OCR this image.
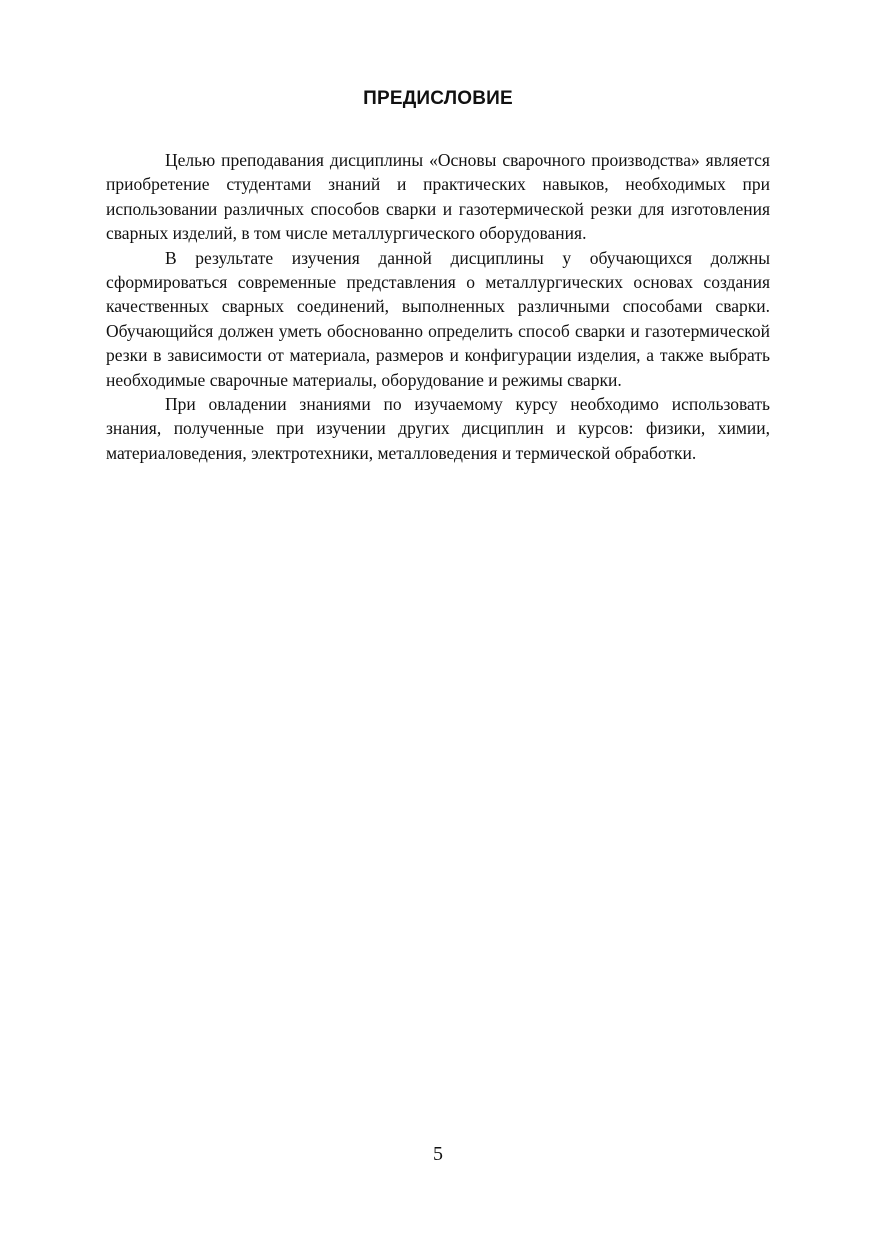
ПРЕДИСЛОВИЕ

Целью преподавания дисциплины «Основы сварочного производства» является приобретение студентами знаний и практических навыков, необходимых при использовании различных способов сварки и газотермической резки для изготовления сварных изделий, в том числе металлургического оборудования.

В результате изучения данной дисциплины у обучающихся должны сформироваться современные представления о металлургических основах создания качественных сварных соединений, выполненных различными способами сварки. Обучающийся должен уметь обоснованно определить способ сварки и газотермической резки в зависимости от материала, размеров и конфигурации изделия, а также выбрать необходимые сварочные материалы, оборудование и режимы сварки.

При овладении знаниями по изучаемому курсу необходимо использовать знания, полученные при изучении других дисциплин и курсов: физики, химии, материаловедения, электротехники, металловедения и термической обработки.

5
